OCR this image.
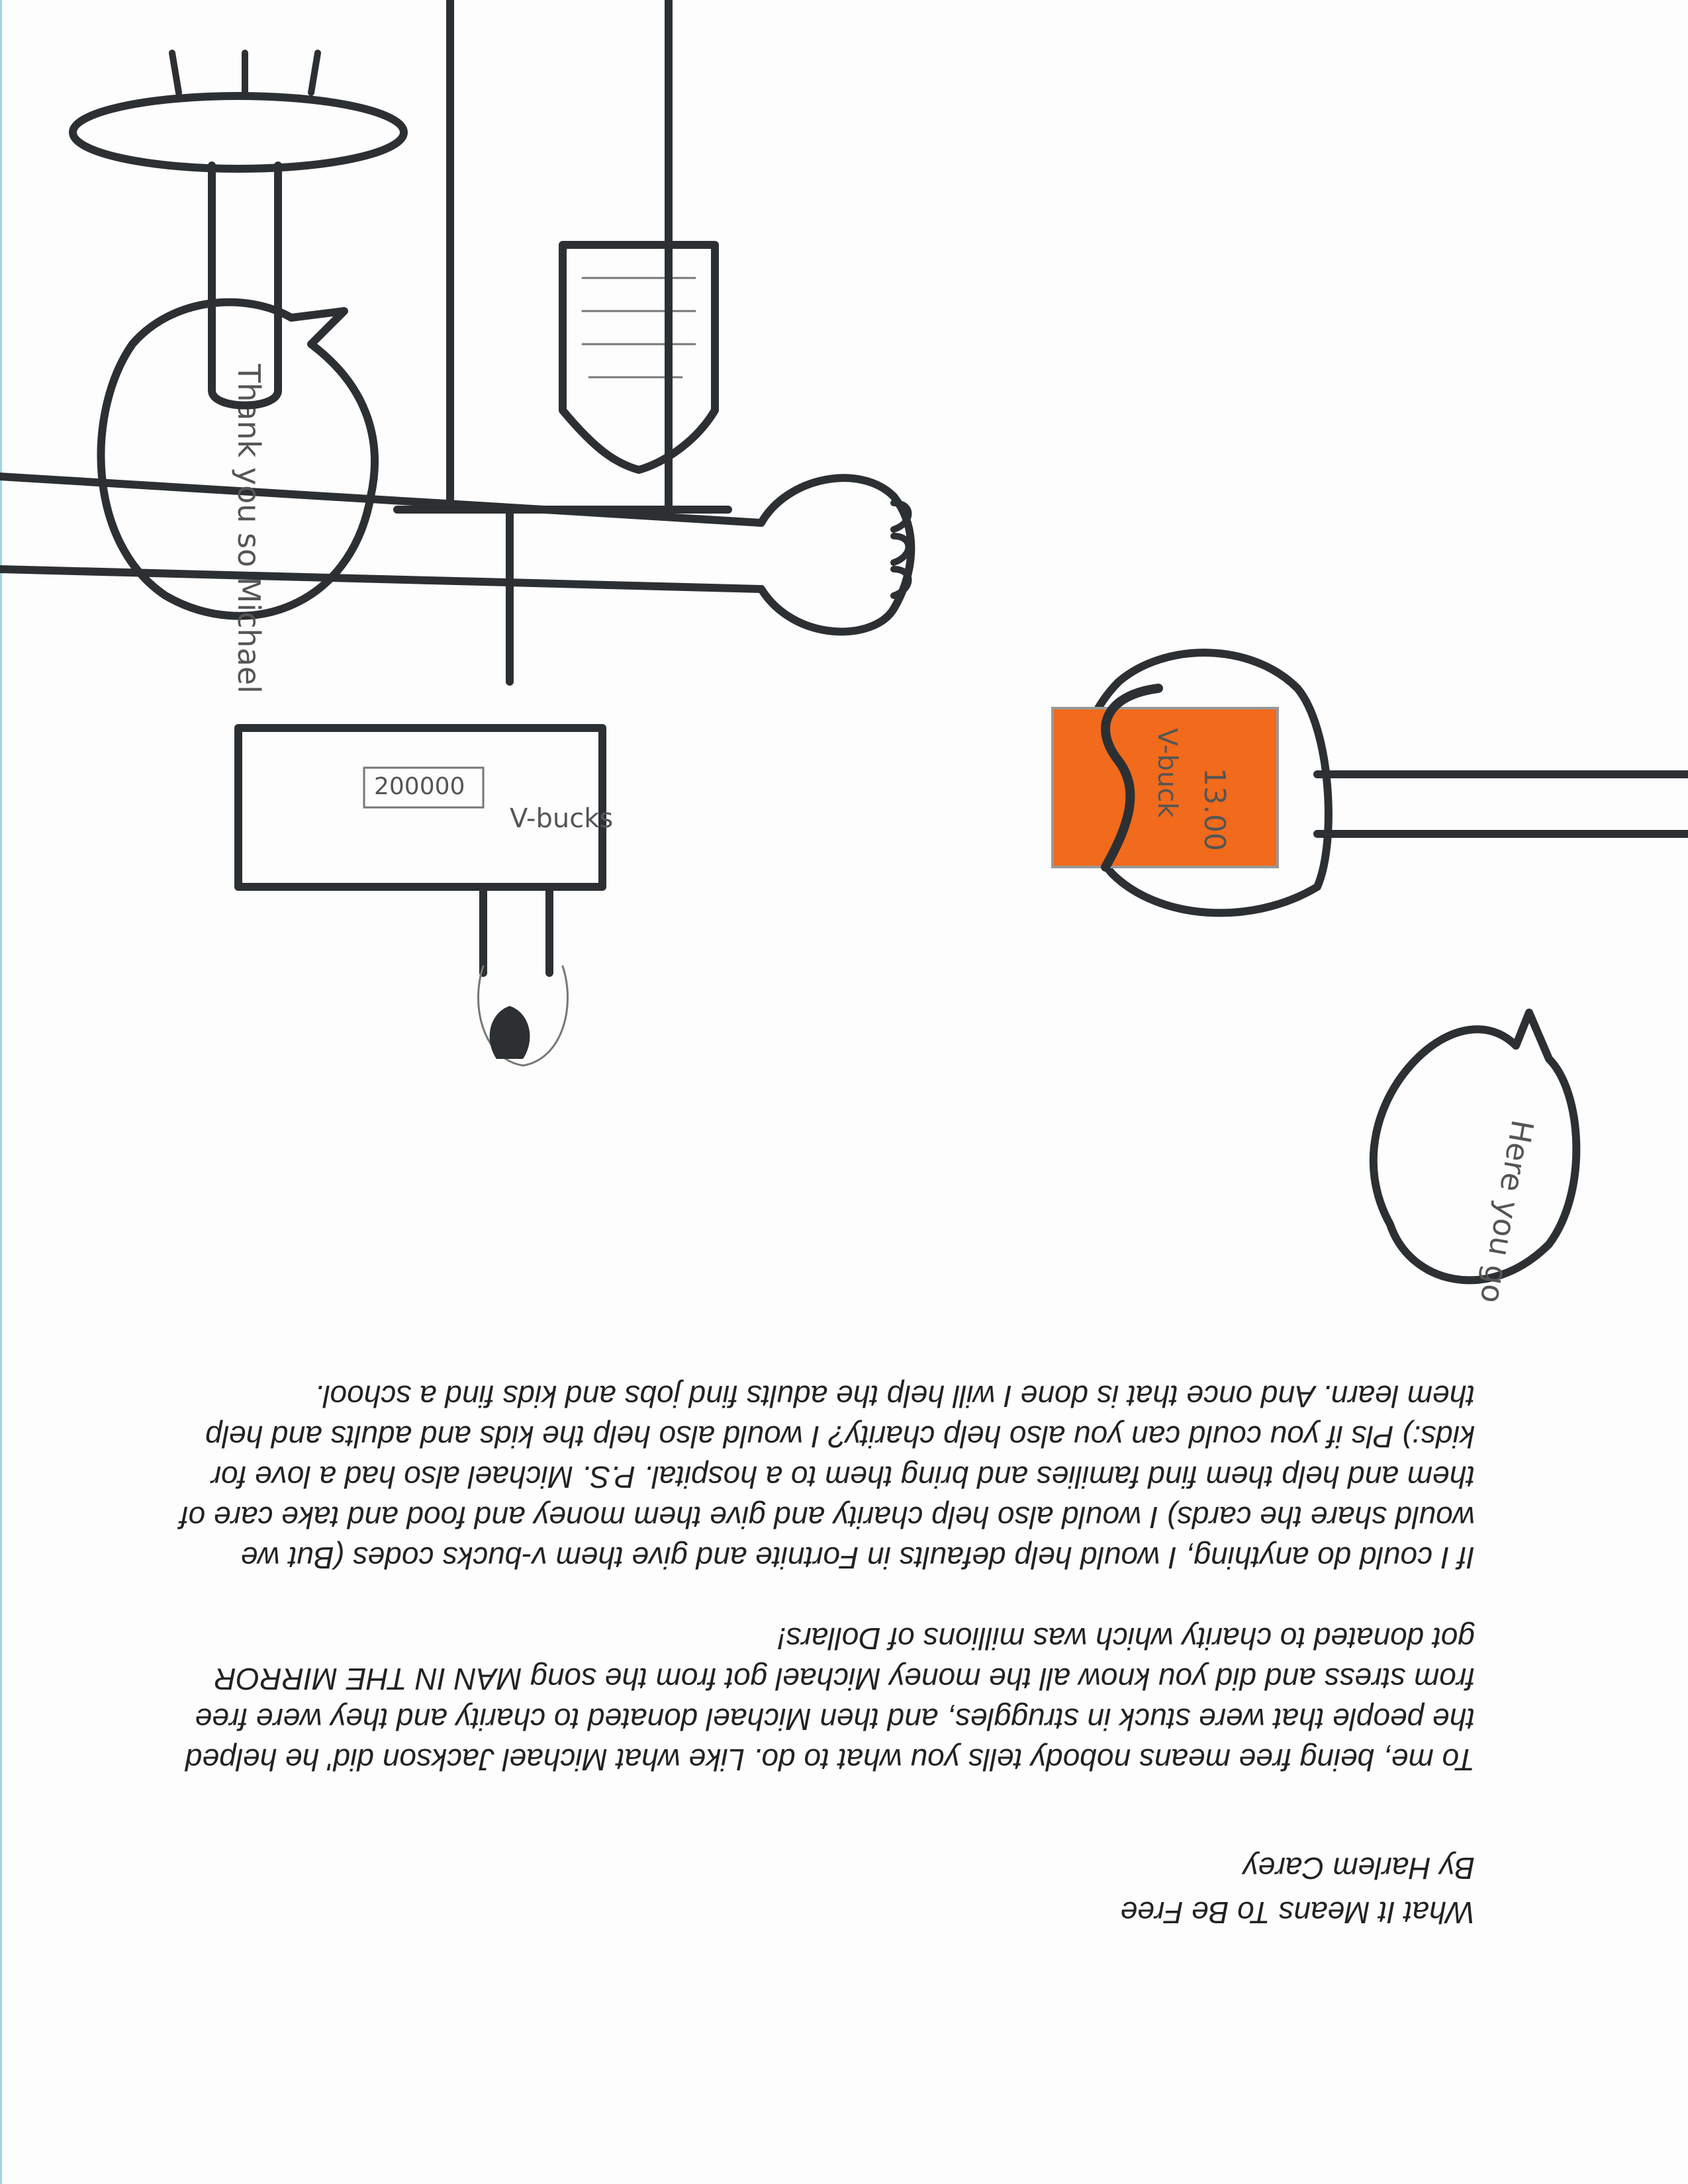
What It Means To Be Free

By Harlem Carey

To me, being free means nobody tells you what to do. Like what Michael Jackson did' he helped the people that were stuck in struggles, and then Michael donated to charity and they were free from stress and did you know all the money Michael got from the song MAN IN THE MIRROR got donated to charity which was millions of Dollars!

If I could do anything, I would help defaults in Fortnite and give them v-bucks codes (But we would share the cards) I would also help charity and give them money and food and take care of them and help them find families and bring them to a hospital. P.S. Michael also had a love for kids:) Pls if you could can you also help charity? I would also help the kids and adults and help them learn. And once that is done I will help the adults find jobs and kids find a school.

Here you go
13.00
V-buck
V-bucks
200000
Thank you so Michael
